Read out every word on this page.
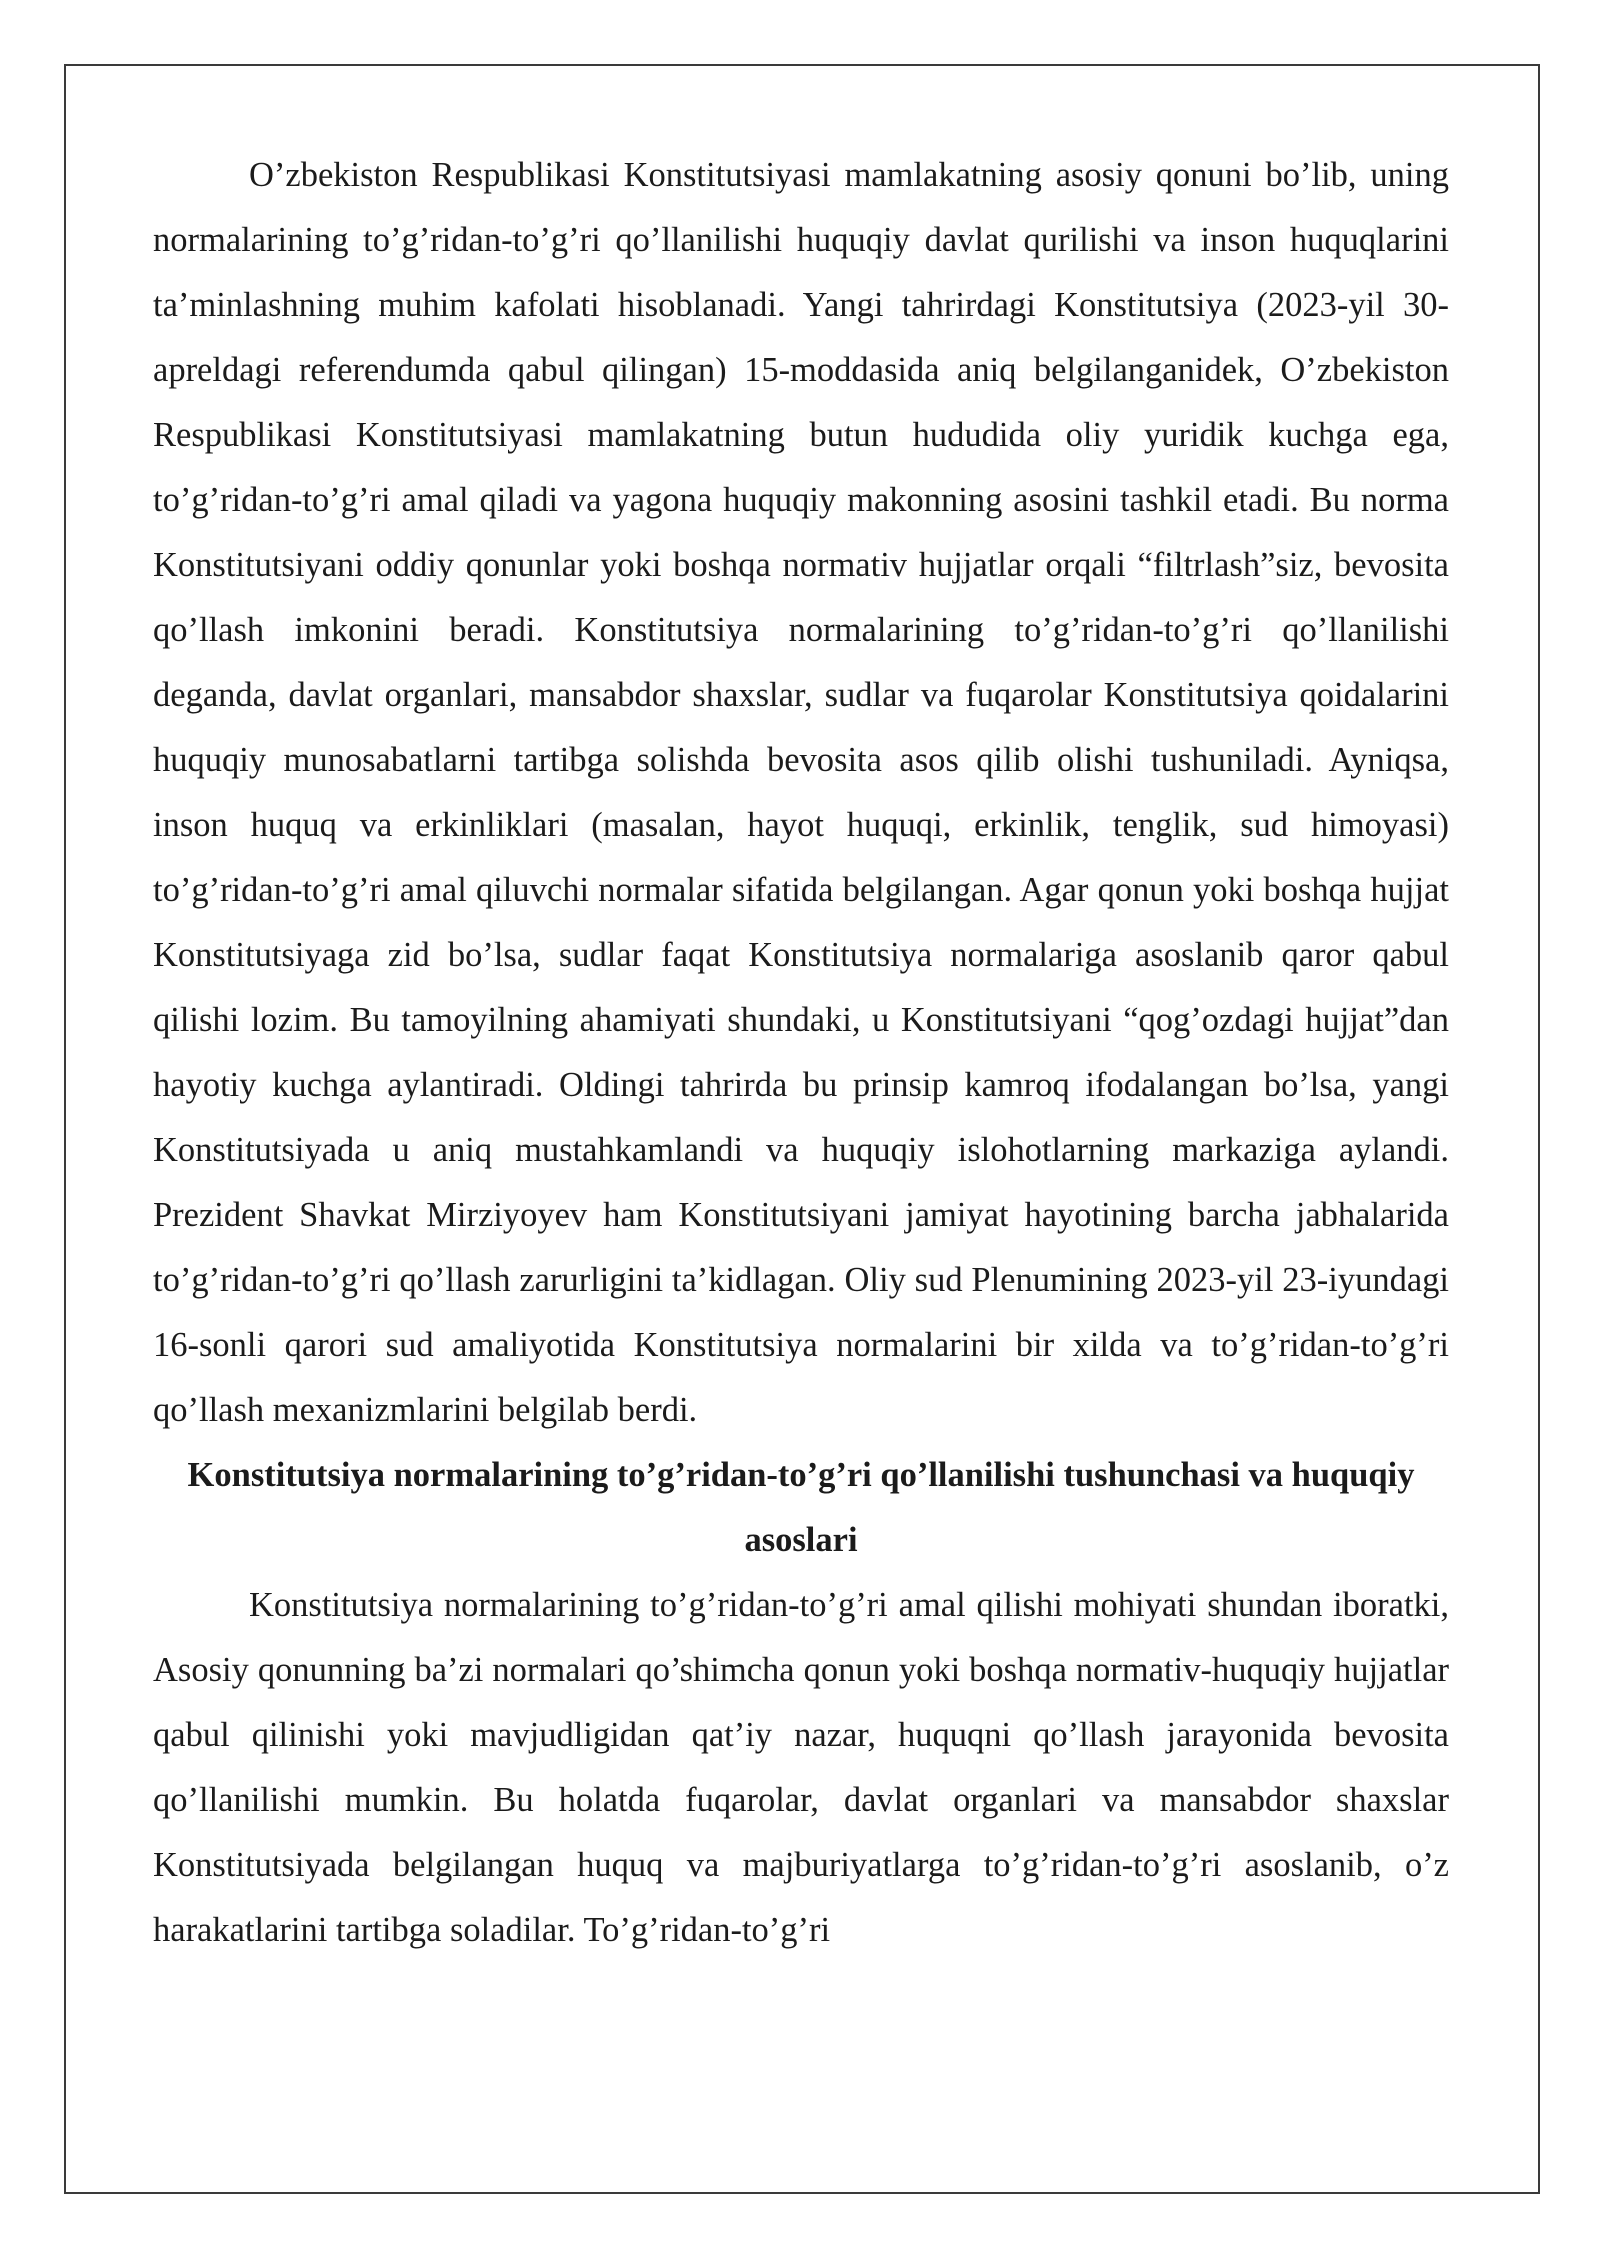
O’zbekiston Respublikasi Konstitutsiyasi mamlakatning asosiy qonuni bo’lib, uning normalarining to’g’ridan-to’g’ri qo’llanilishi huquqiy davlat qurilishi va inson huquqlarini ta’minlashning muhim kafolati hisoblanadi. Yangi tahrirdagi Konstitutsiya (2023-yil 30-apreldagi referendumda qabul qilingan) 15-moddasida aniq belgilanganidek, O’zbekiston Respublikasi Konstitutsiyasi mamlakatning butun hududida oliy yuridik kuchga ega, to’g’ridan-to’g’ri amal qiladi va yagona huquqiy makonning asosini tashkil etadi. Bu norma Konstitutsiyani oddiy qonunlar yoki boshqa normativ hujjatlar orqali “filtrlash”siz, bevosita qo’llash imkonini beradi. Konstitutsiya normalarining to’g’ridan-to’g’ri qo’llanilishi deganda, davlat organlari, mansabdor shaxslar, sudlar va fuqarolar Konstitutsiya qoidalarini huquqiy munosabatlarni tartibga solishda bevosita asos qilib olishi tushuniladi. Ayniqsa, inson huquq va erkinliklari (masalan, hayot huquqi, erkinlik, tenglik, sud himoyasi) to’g’ridan-to’g’ri amal qiluvchi normalar sifatida belgilangan. Agar qonun yoki boshqa hujjat Konstitutsiyaga zid bo’lsa, sudlar faqat Konstitutsiya normalariga asoslanib qaror qabul qilishi lozim. Bu tamoyilning ahamiyati shundaki, u Konstitutsiyani “qog’ozdagi hujjat”dan hayotiy kuchga aylantiradi. Oldingi tahrirda bu prinsip kamroq ifodalangan bo’lsa, yangi Konstitutsiyada u aniq mustahkamlandi va huquqiy islohotlarning markaziga aylandi. Prezident Shavkat Mirziyoyev ham Konstitutsiyani jamiyat hayotining barcha jabhalarida to’g’ridan-to’g’ri qo’llash zarurligini ta’kidlagan. Oliy sud Plenumining 2023-yil 23-iyundagi 16-sonli qarori sud amaliyotida Konstitutsiya normalarini bir xilda va to’g’ridan-to’g’ri qo’llash mexanizmlarini belgilab berdi.

Konstitutsiya normalarining to’g’ridan-to’g’ri qo’llanilishi tushunchasi va huquqiy asoslari

Konstitutsiya normalarining to’g’ridan-to’g’ri amal qilishi mohiyati shundan iboratki, Asosiy qonunning ba’zi normalari qo’shimcha qonun yoki boshqa normativ-huquqiy hujjatlar qabul qilinishi yoki mavjudligidan qat’iy nazar, huquqni qo’llash jarayonida bevosita qo’llanilishi mumkin. Bu holatda fuqarolar, davlat organlari va mansabdor shaxslar Konstitutsiyada belgilangan huquq va majburiyatlarga to’g’ridan-to’g’ri asoslanib, o’z harakatlarini tartibga soladilar. To’g’ridan-to’g’ri
